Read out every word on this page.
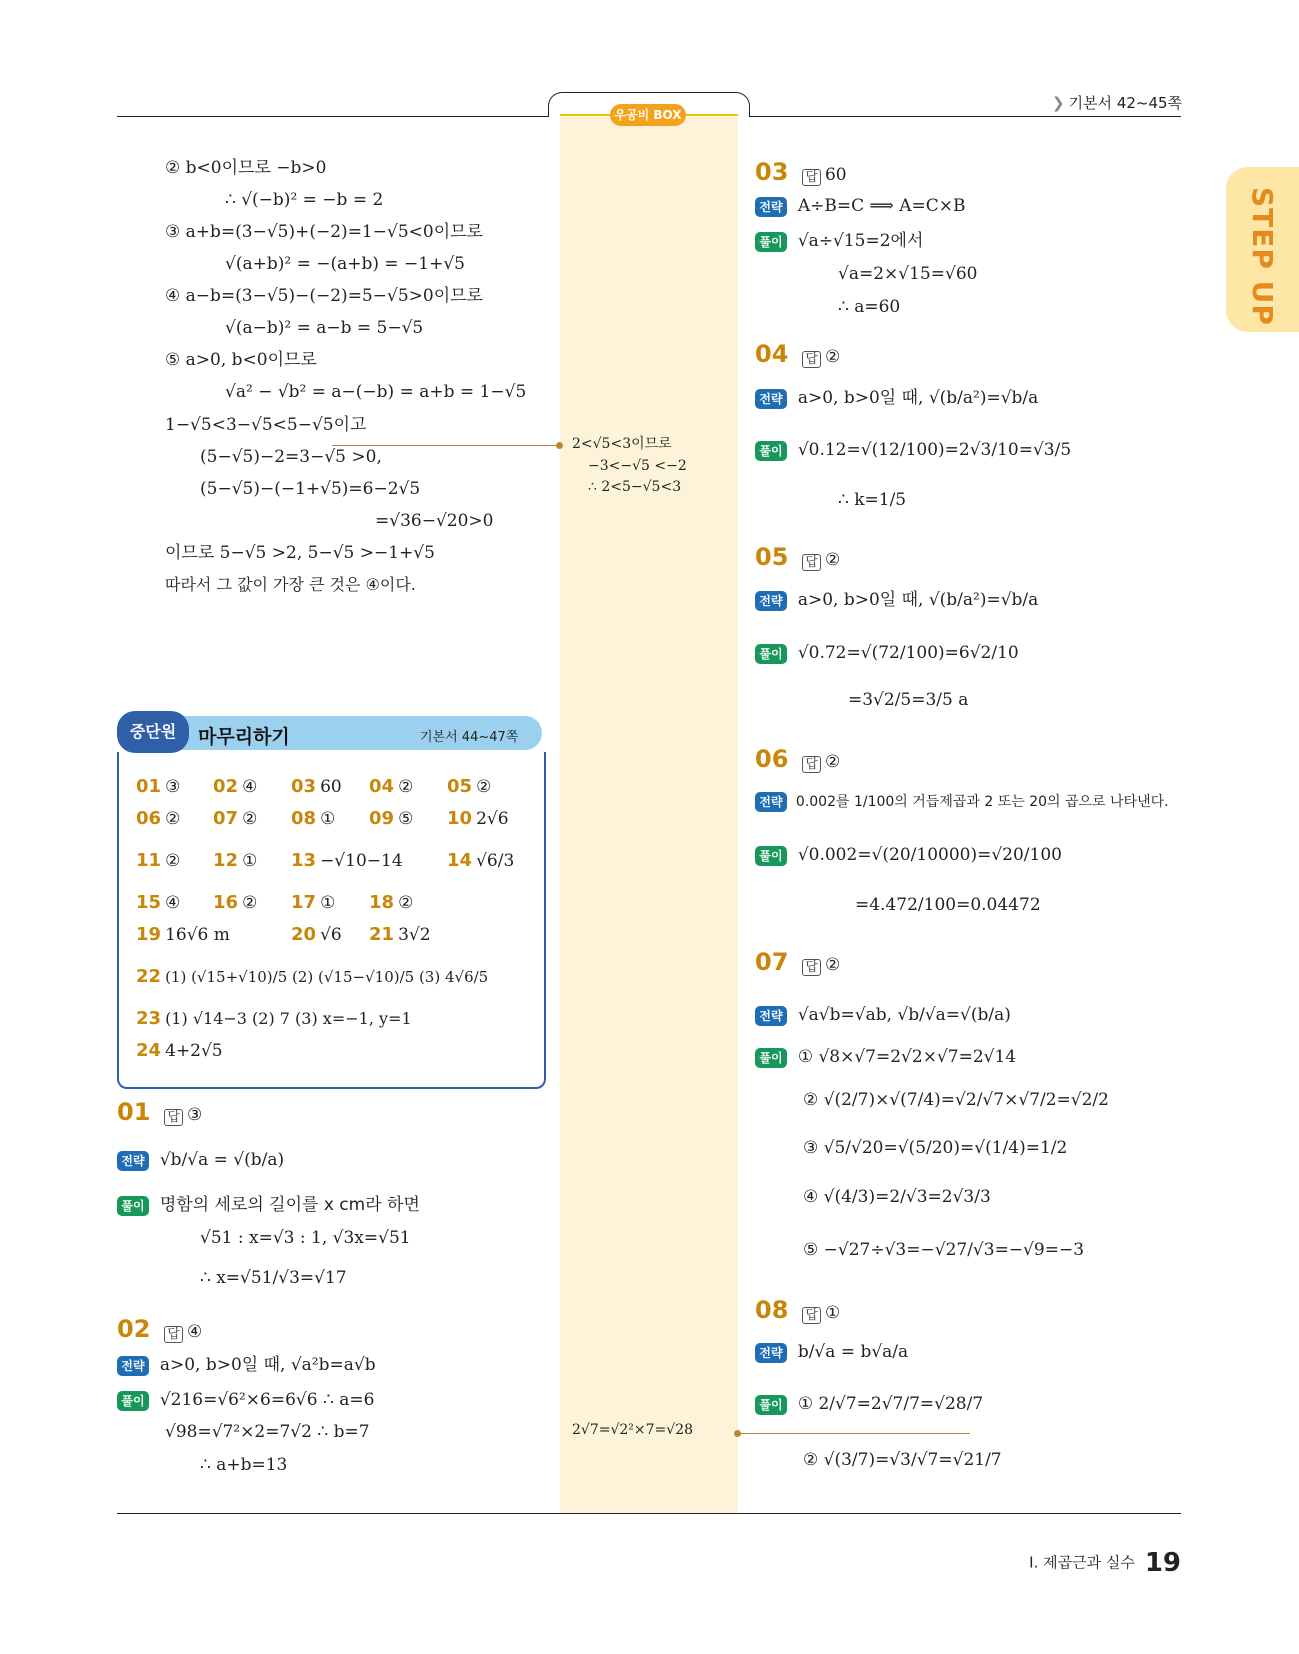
우공비 BOX
❯ 기본서 42~45쪽
STEP UP
② b<0이므로 −b>0
∴ √(−b)² = −b = 2
③ a+b=(3−√5)+(−2)=1−√5<0이므로
√(a+b)² = −(a+b) = −1+√5
④ a−b=(3−√5)−(−2)=5−√5>0이므로
√(a−b)² = a−b = 5−√5
⑤ a>0, b<0이므로
√a² − √b² = a−(−b) = a+b = 1−√5
1−√5<3−√5<5−√5이고
(5−√5)−2=3−√5 >0,
(5−√5)−(−1+√5)=6−2√5
=√36−√20>0
이므로 5−√5 >2, 5−√5 >−1+√5
따라서 그 값이 가장 큰 것은 ④이다.
2<√5<3이므로
−3<−√5 <−2
∴ 2<5−√5<3
2√7=√2²×7=√28
중단원	마무리하기	기본서 44~47쪽
01 ③ 02 ④ 03 60 04 ② 05 ②
06 ② 07 ② 08 ① 09 ⑤ 10 2√6
11 ② 12 ① 13 −√10−14 14 √6/3
15 ④ 16 ② 17 ① 18 ②
19 16√6 m	20 √6 21 3√2
22 (1) (√15+√10)/5 (2) (√15−√10)/5 (3) 4√6/5
23 (1) √14−3 (2) 7 (3) x=−1, y=1
24 4+2√5
01 답 ③
전략 √b/√a = √(b/a)
풀이 명함의 세로의 길이를 x cm라 하면
√51 : x=√3 : 1, √3x=√51
∴ x=√51/√3=√17
02 답 ④
전략 a>0, b>0일 때, √a²b=a√b
풀이 √216=√6²×6=6√6 ∴ a=6
√98=√7²×2=7√2 ∴ b=7
∴ a+b=13
03 답 60
전략 A÷B=C ⟹ A=C×B
풀이 √a÷√15=2에서
√a=2×√15=√60
∴ a=60
04 답 ②
전략 a>0, b>0일 때, √(b/a²)=√b/a
풀이 √0.12=√(12/100)=2√3/10=√3/5
∴ k=1/5
05 답 ②
전략 a>0, b>0일 때, √(b/a²)=√b/a
풀이 √0.72=√(72/100)=6√2/10
=3√2/5=3/5 a
06 답 ②
전략 0.002를 1/100의 거듭제곱과 2 또는 20의 곱으로 나타낸다.
풀이 √0.002=√(20/10000)=√20/100
=4.472/100=0.04472
07 답 ②
전략 √a√b=√ab, √b/√a=√(b/a)
풀이 ① √8×√7=2√2×√7=2√14
② √(2/7)×√(7/4)=√2/√7×√7/2=√2/2
③ √5/√20=√(5/20)=√(1/4)=1/2
④ √(4/3)=2/√3=2√3/3
⑤ −√27÷√3=−√27/√3=−√9=−3
08 답 ①
전략 b/√a = b√a/a
풀이 ① 2/√7=2√7/7=√28/7
② √(3/7)=√3/√7=√21/7
I. 제곱근과 실수 19
